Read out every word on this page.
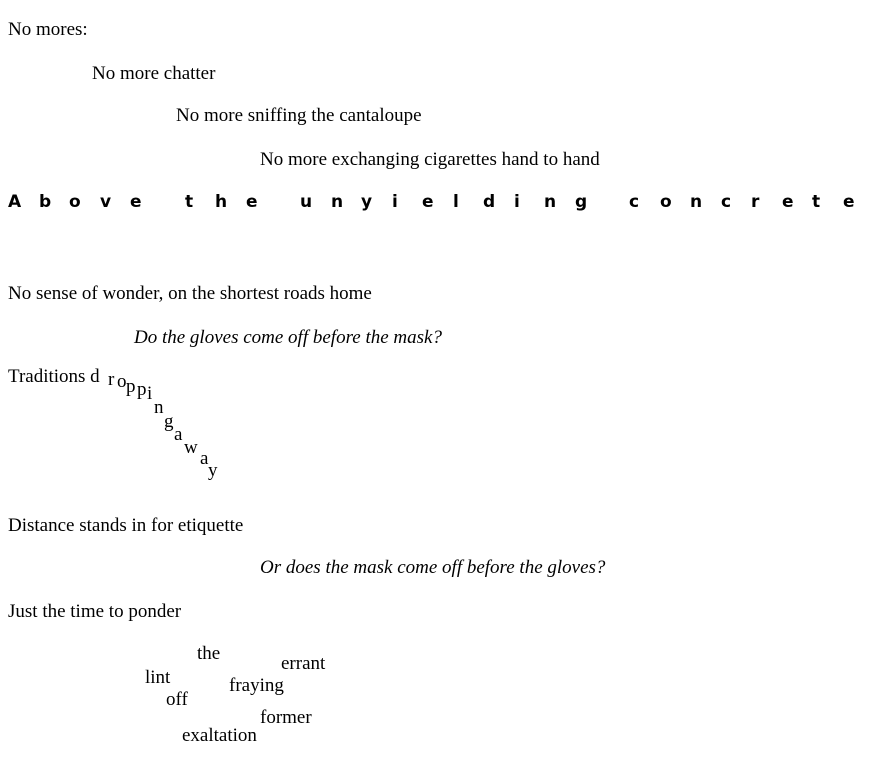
No mores:
No more chatter
No more sniffing the cantaloupe
No more exchanging cigarettes hand to hand
A b o v e	t h e u n y i e l d i n g c o n c r e t e
No sense of wonder, on the shortest roads home
Do the gloves come off before the mask?
Traditions d r o p p i
n
g
a
w
a
y
Distance stands in for etiquette
Or does the mask come off before the gloves?
Just the time to ponder
the	errant
lint	fraying
off
former
exaltation
